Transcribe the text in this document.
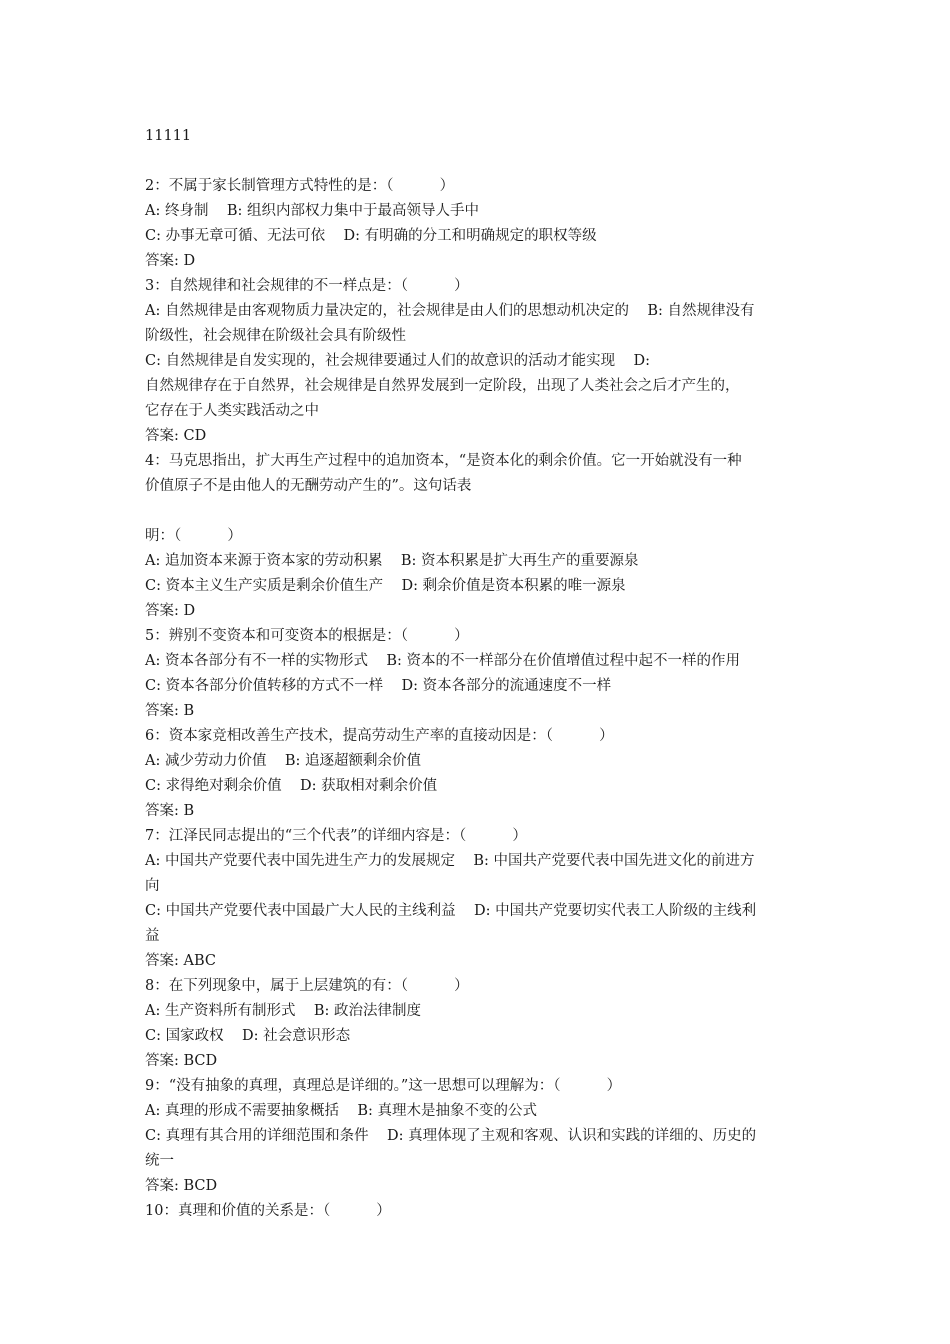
11111
2：不属于家长制管理方式特性的是：（          ）
A: 终身制    B: 组织内部权力集中于最高领导人手中
C: 办事无章可循、无法可依    D: 有明确的分工和明确规定的职权等级
答案: D
3：自然规律和社会规律的不一样点是：（          ）
A: 自然规律是由客观物质力量决定的，社会规律是由人们的思想动机决定的    B: 自然规律没有
阶级性，社会规律在阶级社会具有阶级性
C: 自然规律是自发实现的，社会规律要通过人们的故意识的活动才能实现    D:
自然规律存在于自然界，社会规律是自然界发展到一定阶段，出现了人类社会之后才产生的，
它存在于人类实践活动之中
答案: CD
4：马克思指出，扩大再生产过程中的追加资本，“是资本化的剩余价值。它一开始就没有一种
价值原子不是由他人的无酬劳动产生的”。这句话表
明：（          ）
A: 追加资本来源于资本家的劳动积累    B: 资本积累是扩大再生产的重要源泉
C: 资本主义生产实质是剩余价值生产    D: 剩余价值是资本积累的唯一源泉
答案: D
5：辨别不变资本和可变资本的根据是：（          ）
A: 资本各部分有不一样的实物形式    B: 资本的不一样部分在价值增值过程中起不一样的作用
C: 资本各部分价值转移的方式不一样    D: 资本各部分的流通速度不一样
答案: B
6：资本家竞相改善生产技术，提高劳动生产率的直接动因是：（          ）
A: 减少劳动力价值    B: 追逐超额剩余价值
C: 求得绝对剩余价值    D: 获取相对剩余价值
答案: B
7：江泽民同志提出的“三个代表”的详细内容是：（          ）
A: 中国共产党要代表中国先进生产力的发展规定    B: 中国共产党要代表中国先进文化的前进方
向
C: 中国共产党要代表中国最广大人民的主线利益    D: 中国共产党要切实代表工人阶级的主线利
益
答案: ABC
8：在下列现象中，属于上层建筑的有：（          ）
A: 生产资料所有制形式    B: 政治法律制度
C: 国家政权    D: 社会意识形态
答案: BCD
9：“没有抽象的真理，真理总是详细的。”这一思想可以理解为：（          ）
A: 真理的形成不需要抽象概括    B: 真理木是抽象不变的公式
C: 真理有其合用的详细范围和条件    D: 真理体现了主观和客观、认识和实践的详细的、历史的
统一
答案: BCD
10：真理和价值的关系是：（          ）
